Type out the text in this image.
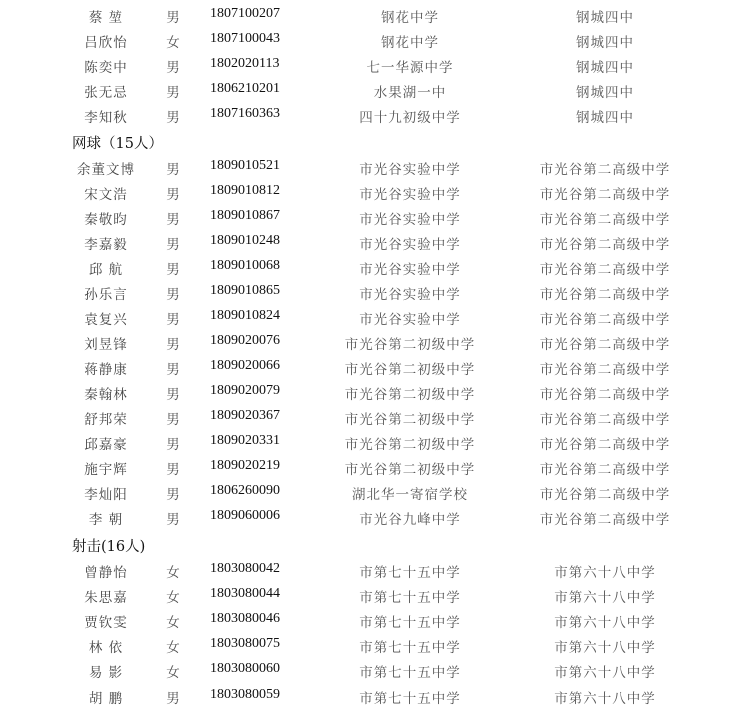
蔡 堃	男	1807100207	钢花中学	钢城四中
吕欣怡	女	1807100043	钢花中学	钢城四中
陈奕中	男	1802020113	七一华源中学	钢城四中
张无忌	男	1806210201	水果湖一中	钢城四中
李知秋	男	1807160363	四十九初级中学	钢城四中
网球（15人）
余董文博	男	1809010521	市光谷实验中学	市光谷第二高级中学
宋文浩	男	1809010812	市光谷实验中学	市光谷第二高级中学
秦敬昀	男	1809010867	市光谷实验中学	市光谷第二高级中学
李嘉毅	男	1809010248	市光谷实验中学	市光谷第二高级中学
邱 航	男	1809010068	市光谷实验中学	市光谷第二高级中学
孙乐言	男	1809010865	市光谷实验中学	市光谷第二高级中学
袁复兴	男	1809010824	市光谷实验中学	市光谷第二高级中学
刘昱锋	男	1809020076	市光谷第二初级中学	市光谷第二高级中学
蒋静康	男	1809020066	市光谷第二初级中学	市光谷第二高级中学
秦翰林	男	1809020079	市光谷第二初级中学	市光谷第二高级中学
舒邦荣	男	1809020367	市光谷第二初级中学	市光谷第二高级中学
邱嘉豪	男	1809020331	市光谷第二初级中学	市光谷第二高级中学
施宇辉	男	1809020219	市光谷第二初级中学	市光谷第二高级中学
李灿阳	男	1806260090	湖北华一寄宿学校	市光谷第二高级中学
李 朝	男	1809060006	市光谷九峰中学	市光谷第二高级中学
射击(16人)
曾静怡	女	1803080042	市第七十五中学	市第六十八中学
朱思嘉	女	1803080044	市第七十五中学	市第六十八中学
贾钦雯	女	1803080046	市第七十五中学	市第六十八中学
林 依	女	1803080075	市第七十五中学	市第六十八中学
易 影	女	1803080060	市第七十五中学	市第六十八中学
胡 鹏	男	1803080059	市第七十五中学	市第六十八中学
